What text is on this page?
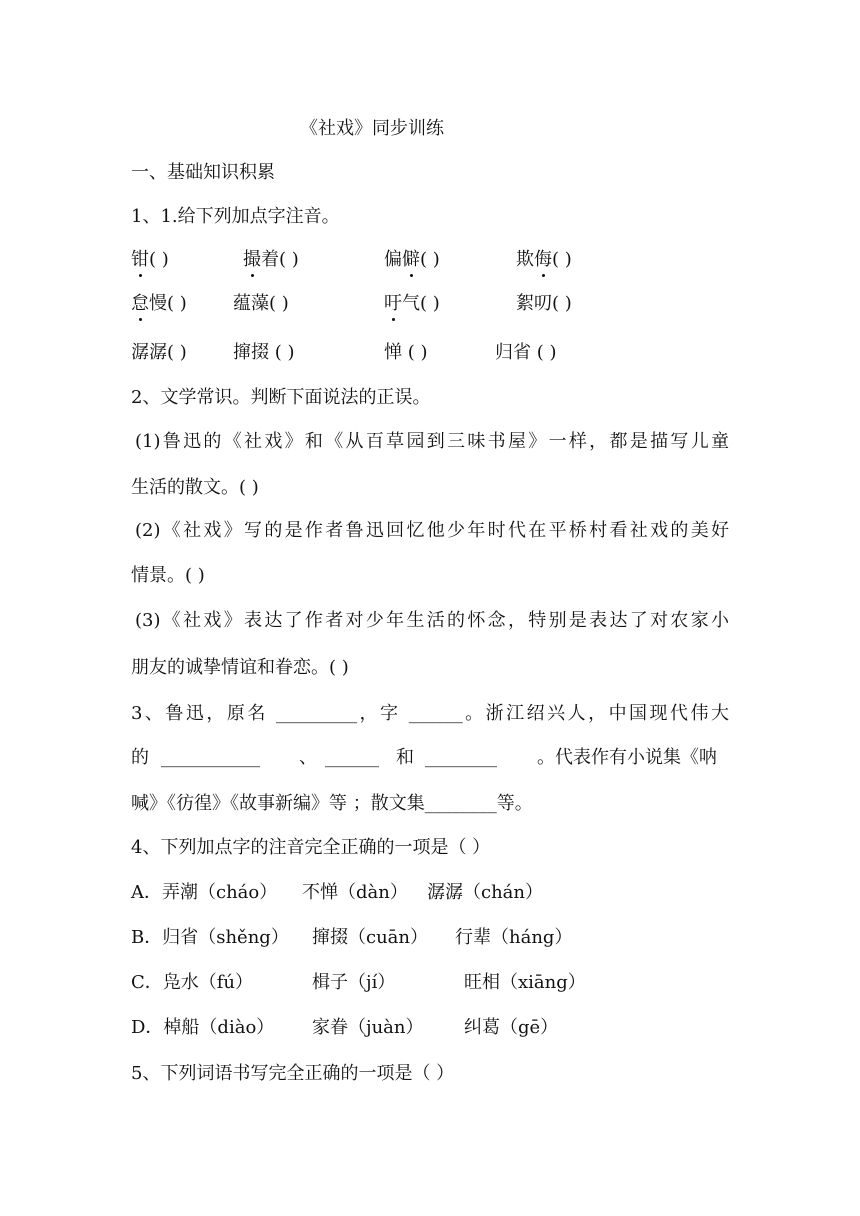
《社戏》同步训练
一、基础知识积累
1、1.给下列加点字注音。
钳( )	撮着( )	偏僻( )	欺侮( )
怠慢( )	蕴藻( )	吁气( )	絮叨( )
潺潺( )	撺掇 ( )	惮 ( )	归省 ( )
2、文学常识。判断下面说法的正误。
(1)鲁迅的《社戏》和《从百草园到三味书屋》一样，都是描写儿童
生活的散文。( )
(2)《社戏》写的是作者鲁迅回忆他少年时代在平桥村看社戏的美好
情景。( )
(3)《社戏》表达了作者对少年生活的怀念，特别是表达了对农家小
朋友的诚挚情谊和眷恋。( )
3、鲁迅，原名 _________，字 ______。浙江绍兴人，中国现代伟大
的 ___________ 、 ______ 和 ________ 。代表作有小说集《呐
喊》《彷徨》《故事新编》等 ；散文集________等。
4、下列加点字的注音完全正确的一项是（ ）
A．弄潮（cháo） 不惮（dàn） 潺潺（chán）
B．归省（shěng） 撺掇（cuān） 行辈（háng）
C．凫水（fú）	楫子（jí）	旺相（xiāng）
D．棹船（diào） 家眷（juàn） 纠葛（gē）
5、下列词语书写完全正确的一项是（ ）
